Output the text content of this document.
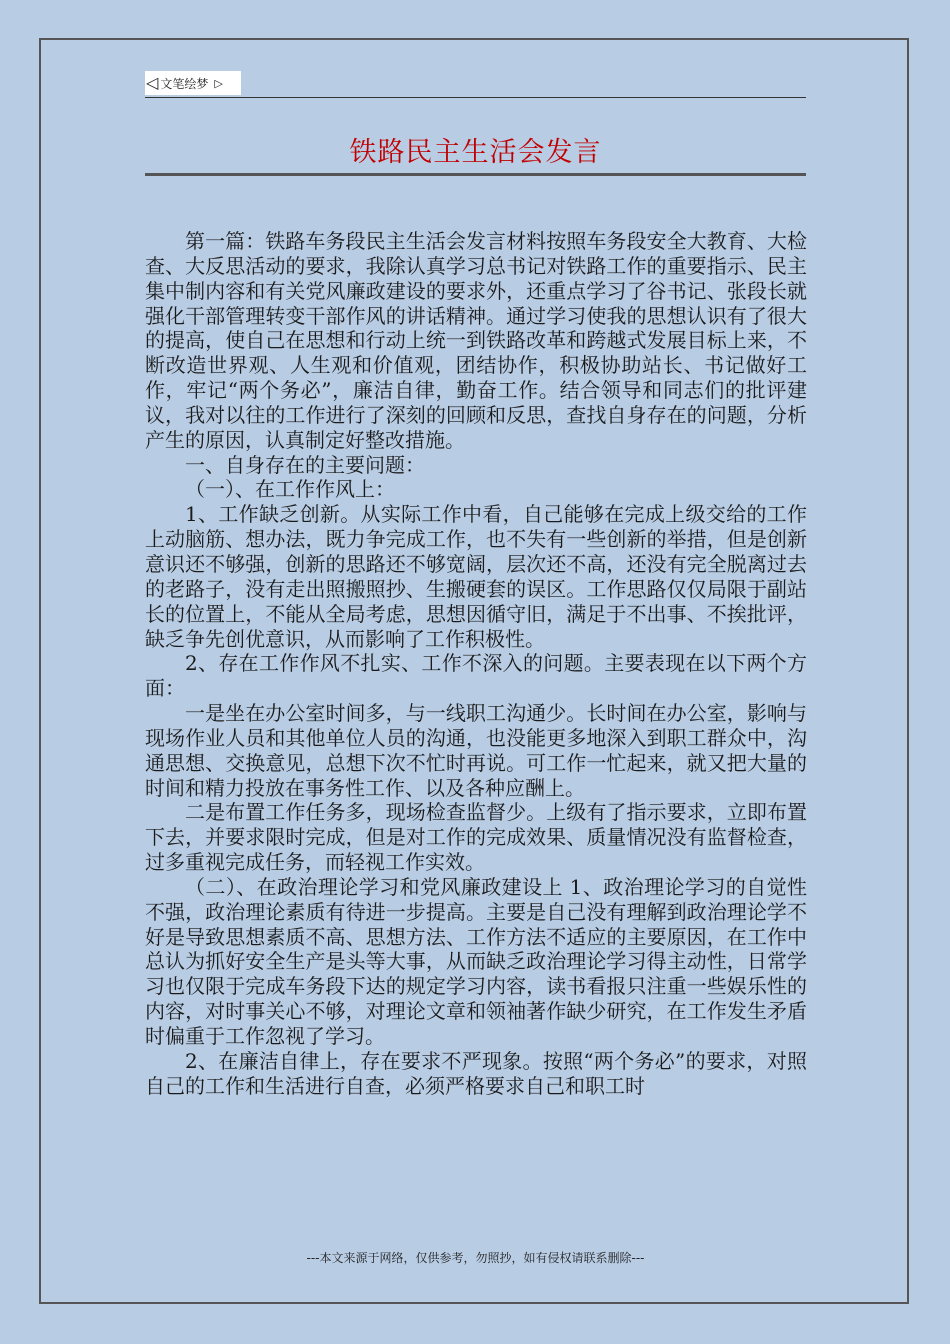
◁ 文笔绘梦 ▷
铁路民主生活会发言

第一篇：铁路车务段民主生活会发言材料按照车务段安全大教育、大检查、大反思活动的要求，我除认真学习总书记对铁路工作的重要指示、民主集中制内容和有关党风廉政建设的要求外，还重点学习了谷书记、张段长就强化干部管理转变干部作风的讲话精神。通过学习使我的思想认识有了很大的提高，使自己在思想和行动上统一到铁路改革和跨越式发展目标上来，不断改造世界观、人生观和价值观，团结协作，积极协助站长、书记做好工作，牢记“两个务必”，廉洁自律，勤奋工作。结合领导和同志们的批评建议，我对以往的工作进行了深刻的回顾和反思，查找自身存在的问题，分析产生的原因，认真制定好整改措施。

一、自身存在的主要问题：

（一）、在工作作风上：

1、工作缺乏创新。从实际工作中看，自己能够在完成上级交给的工作上动脑筋、想办法，既力争完成工作，也不失有一些创新的举措，但是创新意识还不够强，创新的思路还不够宽阔，层次还不高，还没有完全脱离过去的老路子，没有走出照搬照抄、生搬硬套的误区。工作思路仅仅局限于副站长的位置上，不能从全局考虑，思想因循守旧，满足于不出事、不挨批评，缺乏争先创优意识，从而影响了工作积极性。

2、存在工作作风不扎实、工作不深入的问题。主要表现在以下两个方面：

一是坐在办公室时间多，与一线职工沟通少。长时间在办公室，影响与现场作业人员和其他单位人员的沟通，也没能更多地深入到职工群众中，沟通思想、交换意见，总想下次不忙时再说。可工作一忙起来，就又把大量的时间和精力投放在事务性工作、以及各种应酬上。

二是布置工作任务多，现场检查监督少。上级有了指示要求，立即布置下去，并要求限时完成，但是对工作的完成效果、质量情况没有监督检查，过多重视完成任务，而轻视工作实效。

（二）、在政治理论学习和党风廉政建设上 1、政治理论学习的自觉性不强，政治理论素质有待进一步提高。主要是自己没有理解到政治理论学不好是导致思想素质不高、思想方法、工作方法不适应的主要原因，在工作中总认为抓好安全生产是头等大事，从而缺乏政治理论学习得主动性，日常学习也仅限于完成车务段下达的规定学习内容，读书看报只注重一些娱乐性的内容，对时事关心不够，对理论文章和领袖著作缺少研究，在工作发生矛盾时偏重于工作忽视了学习。

2、在廉洁自律上，存在要求不严现象。按照“两个务必”的要求，对照自己的工作和生活进行自查，必须严格要求自己和职工时

---本文来源于网络，仅供参考，勿照抄，如有侵权请联系删除---
